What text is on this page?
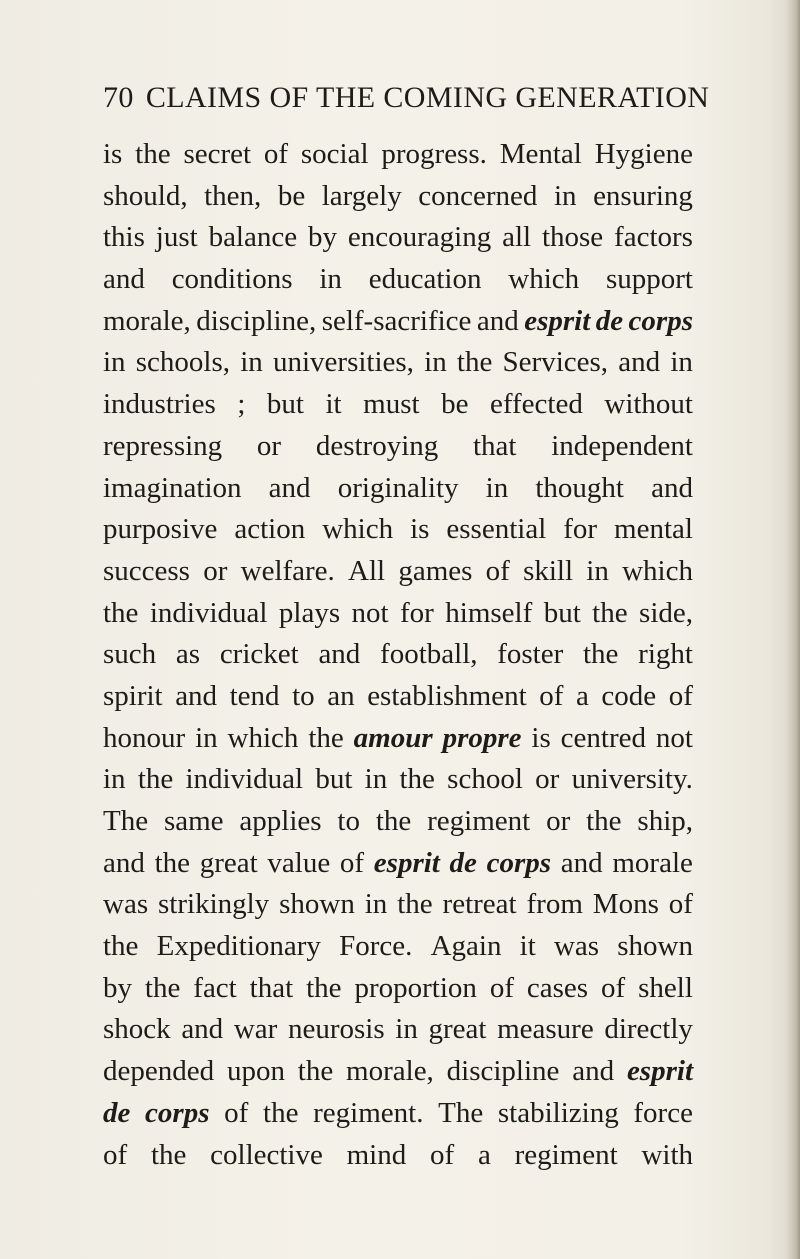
70 CLAIMS OF THE COMING GENERATION
is the secret of social progress. Mental Hygiene
should, then, be largely concerned in ensuring
this just balance by encouraging all those factors
and conditions in education which support
morale, discipline, self-sacrifice and esprit de corps
in schools, in universities, in the Services, and in
industries ; but it must be effected without
repressing or destroying that independent
imagination and originality in thought and
purposive action which is essential for mental
success or welfare. All games of skill in which
the individual plays not for himself but the side,
such as cricket and football, foster the right
spirit and tend to an establishment of a code of
honour in which the amour propre is centred not
in the individual but in the school or university.
The same applies to the regiment or the ship,
and the great value of esprit de corps and morale
was strikingly shown in the retreat from Mons of
the Expeditionary Force. Again it was shown
by the fact that the proportion of cases of shell
shock and war neurosis in great measure directly
depended upon the morale, discipline and esprit
de corps of the regiment. The stabilizing force
of the collective mind of a regiment with
